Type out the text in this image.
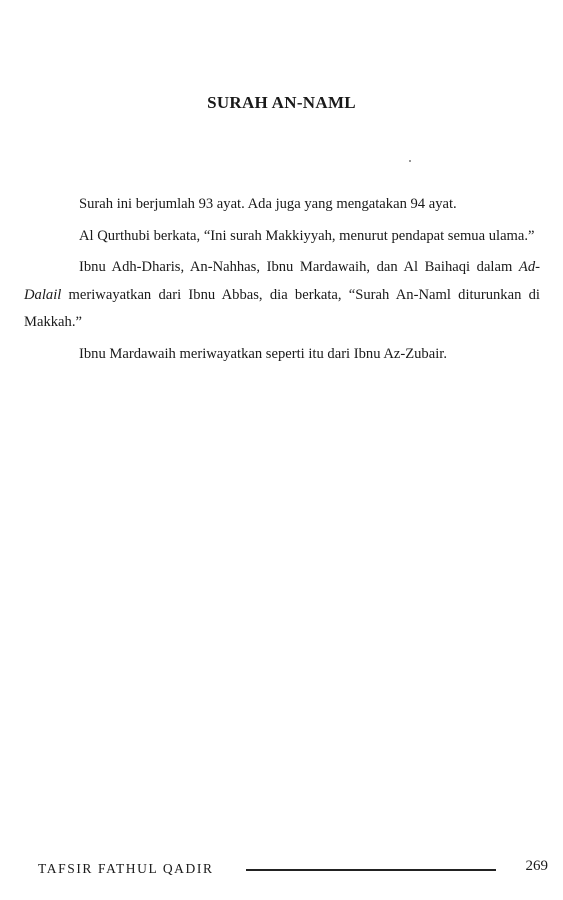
SURAH AN-NAML

Surah ini berjumlah 93 ayat. Ada juga yang mengatakan 94 ayat.

Al Qurthubi berkata, “Ini surah Makkiyyah, menurut pendapat semua ulama.”

Ibnu Adh-Dharis, An-Nahhas, Ibnu Mardawaih, dan Al Baihaqi dalam Ad-Dalail meriwayatkan dari Ibnu Abbas, dia berkata, “Surah An-Naml diturunkan di Makkah.”

Ibnu Mardawaih meriwayatkan seperti itu dari Ibnu Az-Zubair.

TAFSIR FATHUL QADIR	269
